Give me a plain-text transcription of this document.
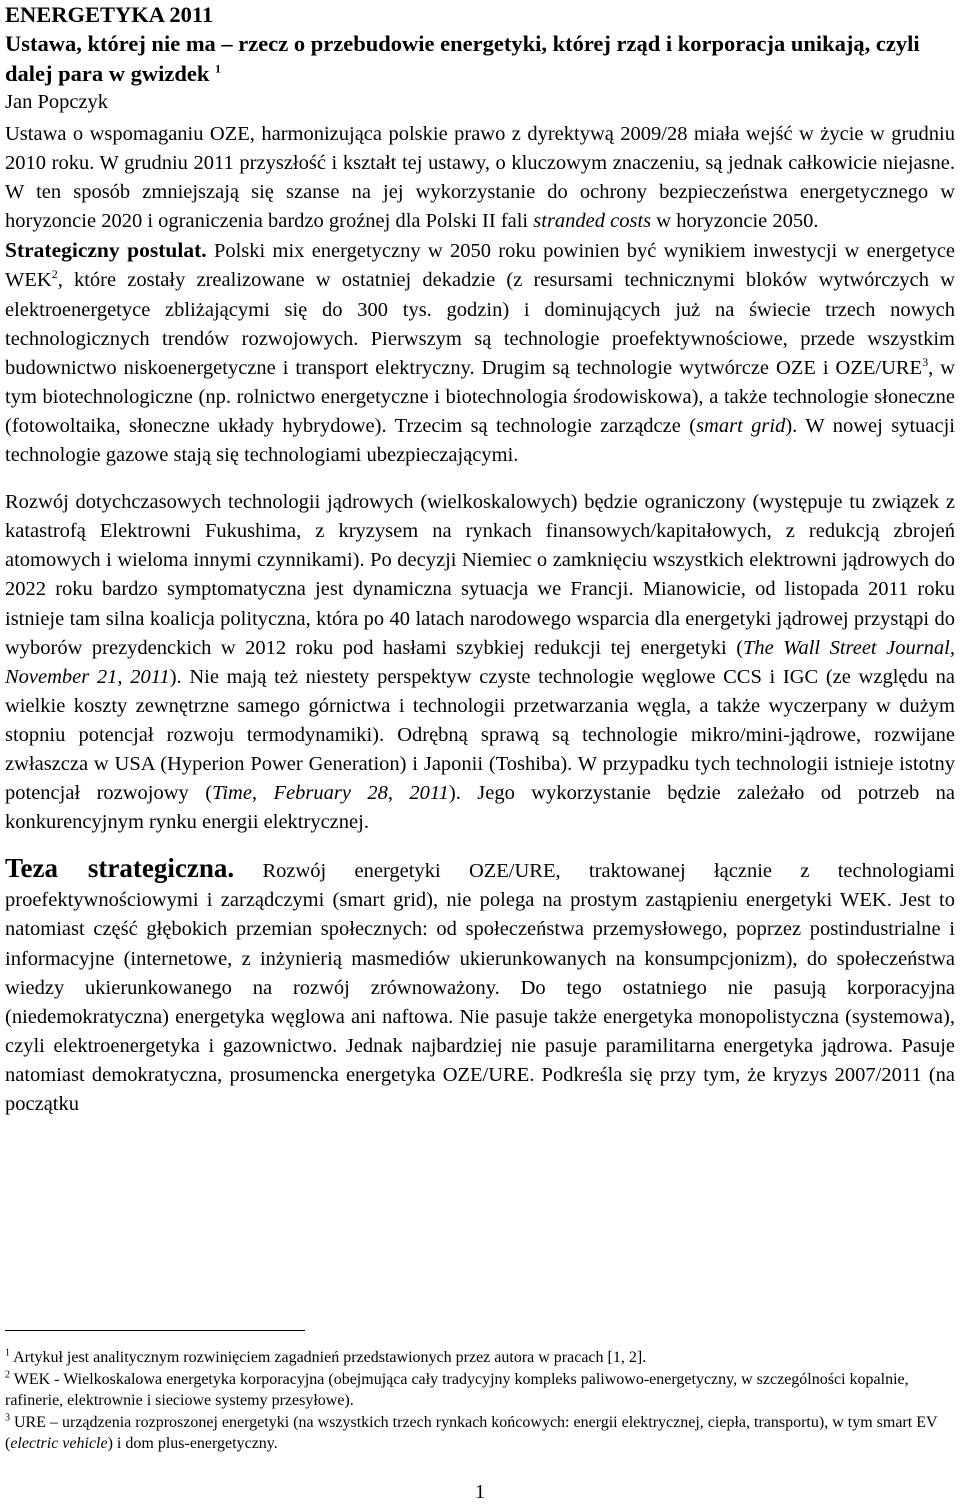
ENERGETYKA 2011

Ustawa, której nie ma – rzecz o przebudowie energetyki, której rząd i korporacja unikają, czyli dalej para w gwizdek $^1$

Jan Popczyk

Ustawa o wspomaganiu OZE, harmonizująca polskie prawo z dyrektywą 2009/28 miała wejść w życie w grudniu 2010 roku. W grudniu 2011 przyszłość i kształt tej ustawy, o kluczowym znaczeniu, są jednak całkowicie niejasne. W ten sposób zmniejszają się szanse na jej wykorzystanie do ochrony bezpieczeństwa energetycznego w horyzoncie 2020 i ograniczenia bardzo groźnej dla Polski II fali stranded costs w horyzoncie 2050.

Strategiczny postulat. Polski mix energetyczny w 2050 roku powinien być wynikiem inwestycji w energetyce WEK$^2$, które zostały zrealizowane w ostatniej dekadzie (z resursami technicznymi bloków wytwórczych w elektroenergetyce zbliżającymi się do 300 tys. godzin) i dominujących już na świecie trzech nowych technologicznych trendów rozwojowych. Pierwszym są technologie proefektywnościowe, przede wszystkim budownictwo niskoenergetyczne i transport elektryczny. Drugim są technologie wytwórcze OZE i OZE/URE$^3$, w tym biotechnologiczne (np. rolnictwo energetyczne i biotechnologia środowiskowa), a także technologie słoneczne (fotowoltaika, słoneczne układy hybrydowe). Trzecim są technologie zarządcze (smart grid). W nowej sytuacji technologie gazowe stają się technologiami ubezpieczającymi.

Rozwój dotychczasowych technologii jądrowych (wielkoskalowych) będzie ograniczony (występuje tu związek z katastrofą Elektrowni Fukushima, z kryzysem na rynkach finansowych/kapitałowych, z redukcją zbrojeń atomowych i wieloma innymi czynnikami). Po decyzji Niemiec o zamknięciu wszystkich elektrowni jądrowych do 2022 roku bardzo symptomatyczna jest dynamiczna sytuacja we Francji. Mianowicie, od listopada 2011 roku istnieje tam silna koalicja polityczna, która po 40 latach narodowego wsparcia dla energetyki jądrowej przystąpi do wyborów prezydenckich w 2012 roku pod hasłami szybkiej redukcji tej energetyki (The Wall Street Journal, November 21, 2011). Nie mają też niestety perspektyw czyste technologie węglowe CCS i IGC (ze względu na wielkie koszty zewnętrzne samego górnictwa i technologii przetwarzania węgla, a także wyczerpany w dużym stopniu potencjał rozwoju termodynamiki). Odrębną sprawą są technologie mikro/mini-jądrowe, rozwijane zwłaszcza w USA (Hyperion Power Generation) i Japonii (Toshiba). W przypadku tych technologii istnieje istotny potencjał rozwojowy (Time, February 28, 2011). Jego wykorzystanie będzie zależało od potrzeb na konkurencyjnym rynku energii elektrycznej.

Teza strategiczna. Rozwój energetyki OZE/URE, traktowanej łącznie z technologiami proefektywnościowymi i zarządczymi (smart grid), nie polega na prostym zastąpieniu energetyki WEK. Jest to natomiast część głębokich przemian społecznych: od społeczeństwa przemysłowego, poprzez postindustrialne i informacyjne (internetowe, z inżynierią masmediów ukierunkowanych na konsumpcjonizm), do społeczeństwa wiedzy ukierunkowanego na rozwój zrównoważony. Do tego ostatniego nie pasują korporacyjna (niedemokratyczna) energetyka węglowa ani naftowa. Nie pasuje także energetyka monopolistyczna (systemowa), czyli elektroenergetyka i gazownictwo. Jednak najbardziej nie pasuje paramilitarna energetyka jądrowa. Pasuje natomiast demokratyczna, prosumencka energetyka OZE/URE. Podkreśla się przy tym, że kryzys 2007/2011 (na początku

$^1$ Artykuł jest analitycznym rozwinięciem zagadnień przedstawionych przez autora w pracach [1, 2].

$^2$ WEK - Wielkoskalowa energetyka korporacyjna (obejmująca cały tradycyjny kompleks paliwowo-energetyczny, w szczególności kopalnie, rafinerie, elektrownie i sieciowe systemy przesyłowe).

$^3$ URE – urządzenia rozproszonej energetyki (na wszystkich trzech rynkach końcowych: energii elektrycznej, ciepła, transportu), w tym smart EV (electric vehicle) i dom plus-energetyczny.

1
